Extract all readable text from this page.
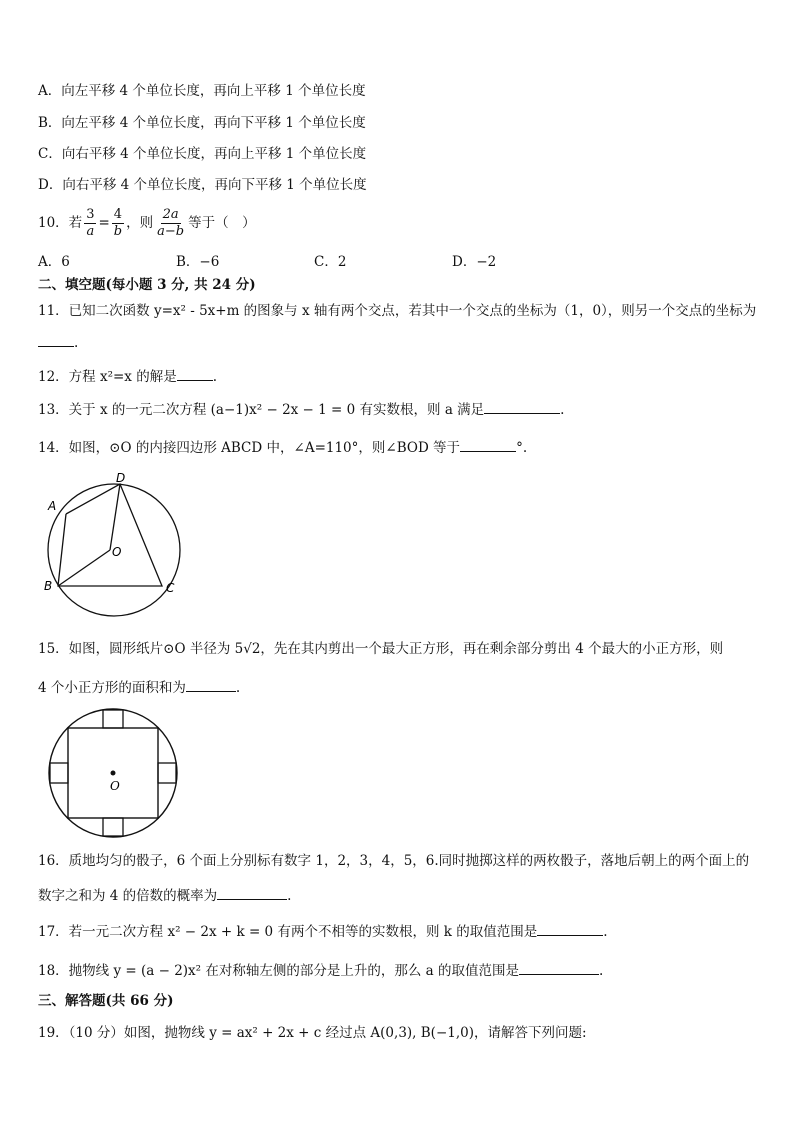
A．向左平移 4 个单位长度，再向上平移 1 个单位长度
B．向左平移 4 个单位长度，再向下平移 1 个单位长度
C．向右平移 4 个单位长度，再向上平移 1 个单位长度
D．向右平移 4 个单位长度，再向下平移 1 个单位长度
10．若 $\frac{3}{a} = \frac{4}{b}$ ，则 $\frac{2a}{a-b}$ 等于（　）
A．6	B．−6	C．2	D．−2
二、填空题(每小题 3 分, 共 24 分)
11．已知二次函数 y=x² - 5x+m 的图象与 x 轴有两个交点，若其中一个交点的坐标为（1，0），则另一个交点的坐标为
.
12．方程 x²=x 的解是	.
13．关于 x 的一元二次方程 (a−1)x² − 2x − 1 = 0 有实数根，则 a 满足	.
14．如图，⊙O 的内接四边形 ABCD 中，∠A=110°，则∠BOD 等于	°.
A
D
O
B	C
15．如图，圆形纸片⊙O 半径为 5√2，先在其内剪出一个最大正方形，再在剩余部分剪出 4 个最大的小正方形，则
4 个小正方形的面积和为	.
O
16．质地均匀的骰子，6 个面上分别标有数字 1，2，3，4，5，6.同时抛掷这样的两枚骰子，落地后朝上的两个面上的
数字之和为 4 的倍数的概率为	.
17．若一元二次方程 x² − 2x + k = 0 有两个不相等的实数根，则 k 的取值范围是	.
18．抛物线 y = (a − 2)x² 在对称轴左侧的部分是上升的，那么 a 的取值范围是	.
三、解答题(共 66 分)
19．（10 分）如图，抛物线 y = ax² + 2x + c 经过点 A(0,3), B(−1,0)，请解答下列问题:
